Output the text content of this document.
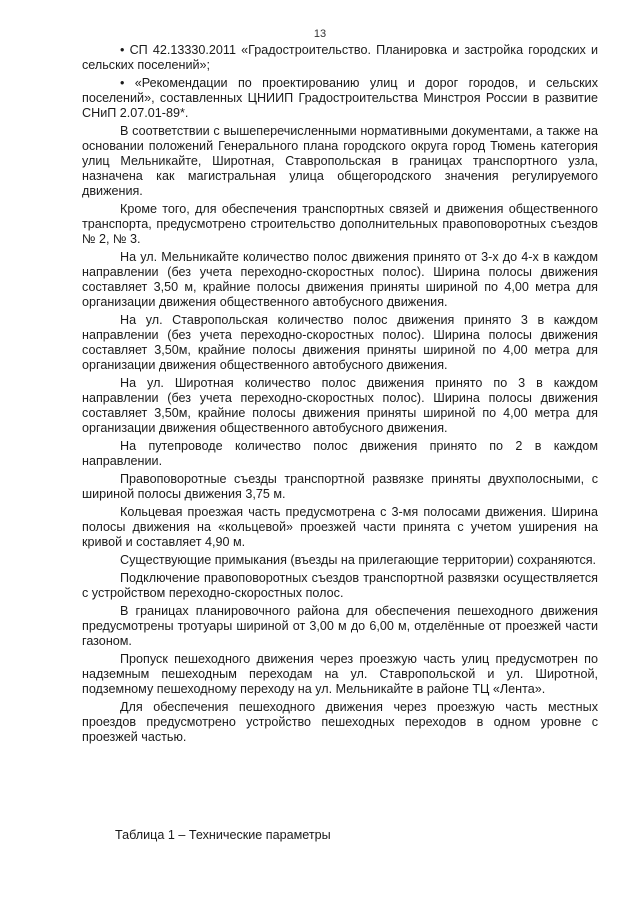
13

• СП 42.13330.2011 «Градостроительство. Планировка и застройка городских и сельских поселений»;

• «Рекомендации по проектированию улиц и дорог городов, и сельских поселений», составленных ЦНИИП Градостроительства Минстроя России в развитие СНиП 2.07.01-89*.

В соответствии с вышеперечисленными нормативными документами, а также на основании положений Генерального плана городского округа город Тюмень категория улиц Мельникайте, Широтная, Ставропольская в границах транспортного узла, назначена как магистральная улица общегородского значения регулируемого движения.

Кроме того, для обеспечения транспортных связей и движения общественного транспорта, предусмотрено строительство дополнительных правоповоротных съездов № 2, № 3.

На ул. Мельникайте количество полос движения принято от 3-х до 4-х в каждом направлении (без учета переходно-скоростных полос). Ширина полосы движения составляет 3,50 м, крайние полосы движения приняты шириной по 4,00 метра для организации движения общественного автобусного движения.

На ул. Ставропольская количество полос движения принято 3 в каждом направлении (без учета переходно-скоростных полос). Ширина полосы движения составляет 3,50м, крайние полосы движения приняты шириной по 4,00 метра для организации движения общественного автобусного движения.

На ул. Широтная количество полос движения принято по 3 в каждом направлении (без учета переходно-скоростных полос). Ширина полосы движения составляет 3,50м, крайние полосы движения приняты шириной по 4,00 метра для организации движения общественного автобусного движения.

На путепроводе количество полос движения принято по 2 в каждом направлении.

Правоповоротные съезды транспортной развязке приняты двухполосными, с шириной полосы движения 3,75 м.

Кольцевая проезжая часть предусмотрена с 3-мя полосами движения. Ширина полосы движения на «кольцевой» проезжей части принята с учетом уширения на кривой и составляет 4,90 м.

Существующие примыкания (въезды на прилегающие территории) сохраняются.

Подключение правоповоротных съездов транспортной развязки осуществляется с устройством переходно-скоростных полос.

В границах планировочного района для обеспечения пешеходного движения предусмотрены тротуары шириной от 3,00 м до 6,00 м, отделённые от проезжей части газоном.

Пропуск пешеходного движения через проезжую часть улиц предусмотрен по надземным пешеходным переходам на ул. Ставропольской и ул. Широтной, подземному пешеходному переходу на ул. Мельникайте в районе ТЦ «Лента».

Для обеспечения пешеходного движения через проезжую часть местных проездов предусмотрено устройство пешеходных переходов в одном уровне с проезжей частью.

Таблица 1 – Технические параметры
